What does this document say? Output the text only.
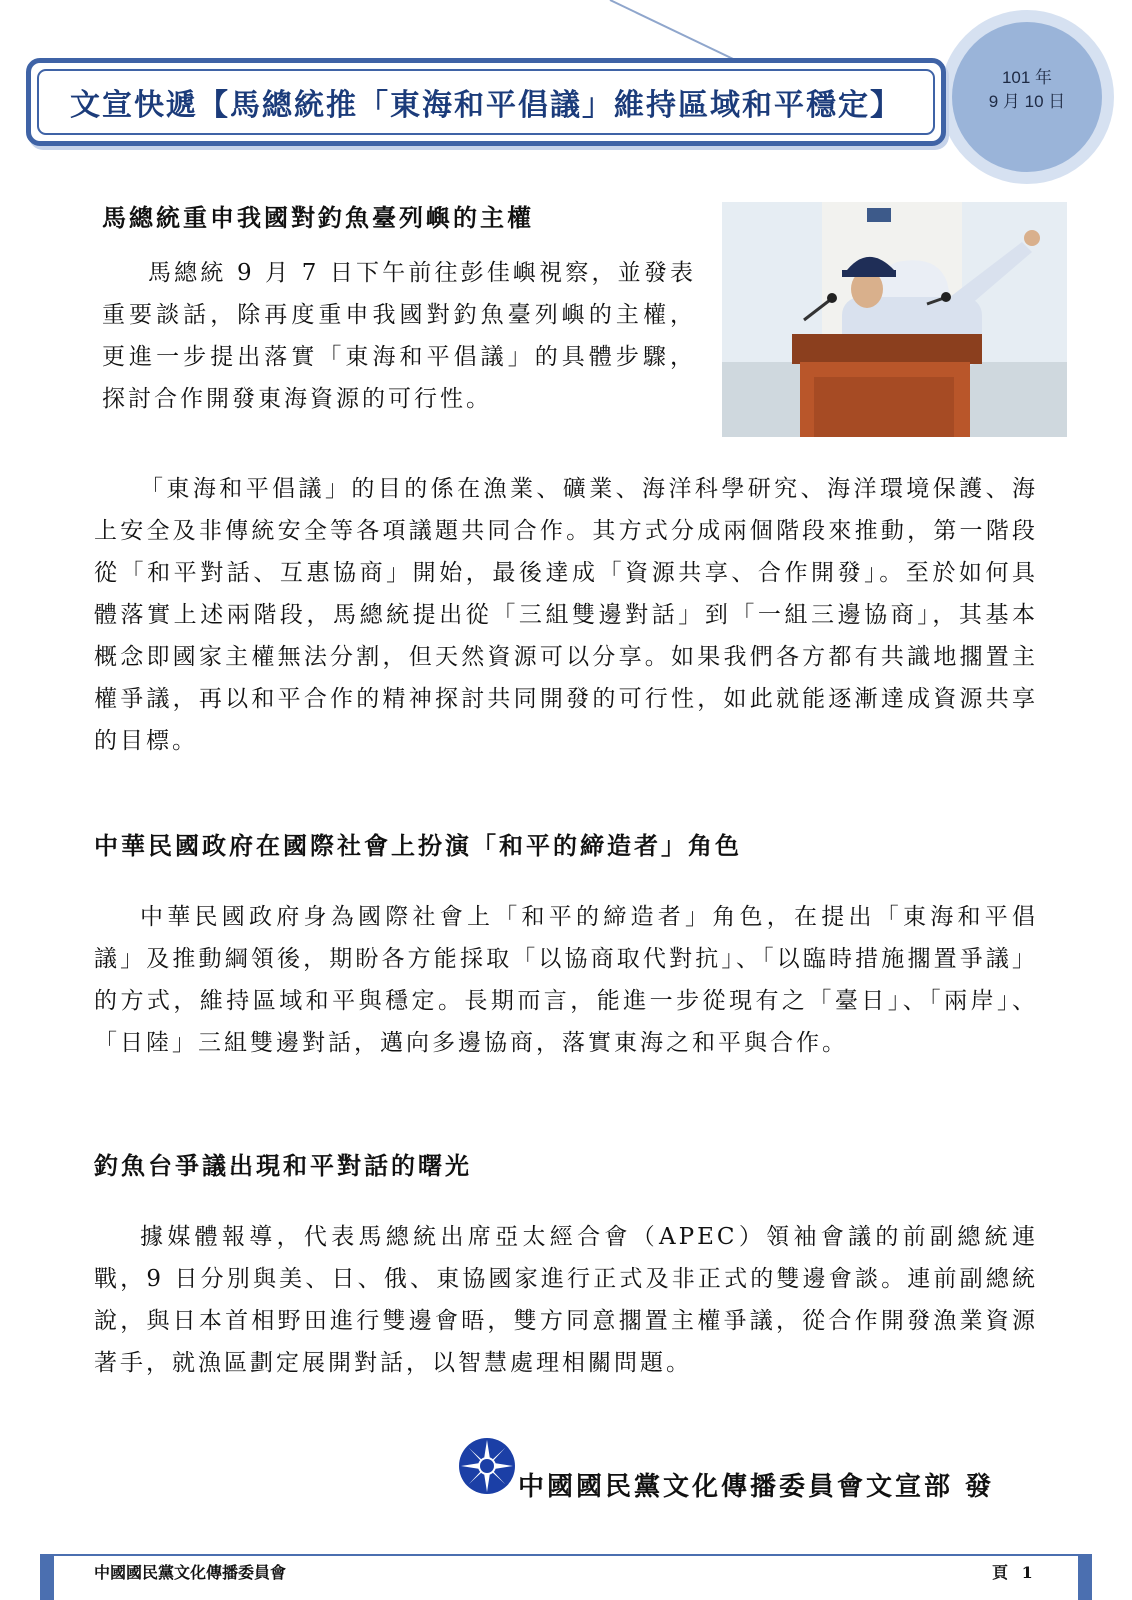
101 年
9 月 10 日
文宣快遞【馬總統推「東海和平倡議」維持區域和平穩定】
馬總統重申我國對釣魚臺列嶼的主權

馬總統 9 月 7 日下午前往彭佳嶼視察，並發表重要談話，除再度重申我國對釣魚臺列嶼的主權，更進一步提出落實「東海和平倡議」的具體步驟，探討合作開發東海資源的可行性。

「東海和平倡議」的目的係在漁業、礦業、海洋科學研究、海洋環境保護、海上安全及非傳統安全等各項議題共同合作。其方式分成兩個階段來推動，第一階段從「和平對話、互惠協商」開始，最後達成「資源共享、合作開發」。至於如何具體落實上述兩階段，馬總統提出從「三組雙邊對話」到「一組三邊協商」，其基本概念即國家主權無法分割，但天然資源可以分享。如果我們各方都有共識地擱置主權爭議，再以和平合作的精神探討共同開發的可行性，如此就能逐漸達成資源共享的目標。

中華民國政府在國際社會上扮演「和平的締造者」角色

中華民國政府身為國際社會上「和平的締造者」角色，在提出「東海和平倡議」及推動綱領後，期盼各方能採取「以協商取代對抗」、「以臨時措施擱置爭議」的方式，維持區域和平與穩定。長期而言，能進一步從現有之「臺日」、「兩岸」、「日陸」三組雙邊對話，邁向多邊協商，落實東海之和平與合作。

釣魚台爭議出現和平對話的曙光

據媒體報導，代表馬總統出席亞太經合會（APEC）領袖會議的前副總統連戰，9 日分別與美、日、俄、東協國家進行正式及非正式的雙邊會談。連前副總統說，與日本首相野田進行雙邊會晤，雙方同意擱置主權爭議，從合作開發漁業資源著手，就漁區劃定展開對話，以智慧處理相關問題。

中國國民黨文化傳播委員會文宣部 發
中國國民黨文化傳播委員會	頁 1
